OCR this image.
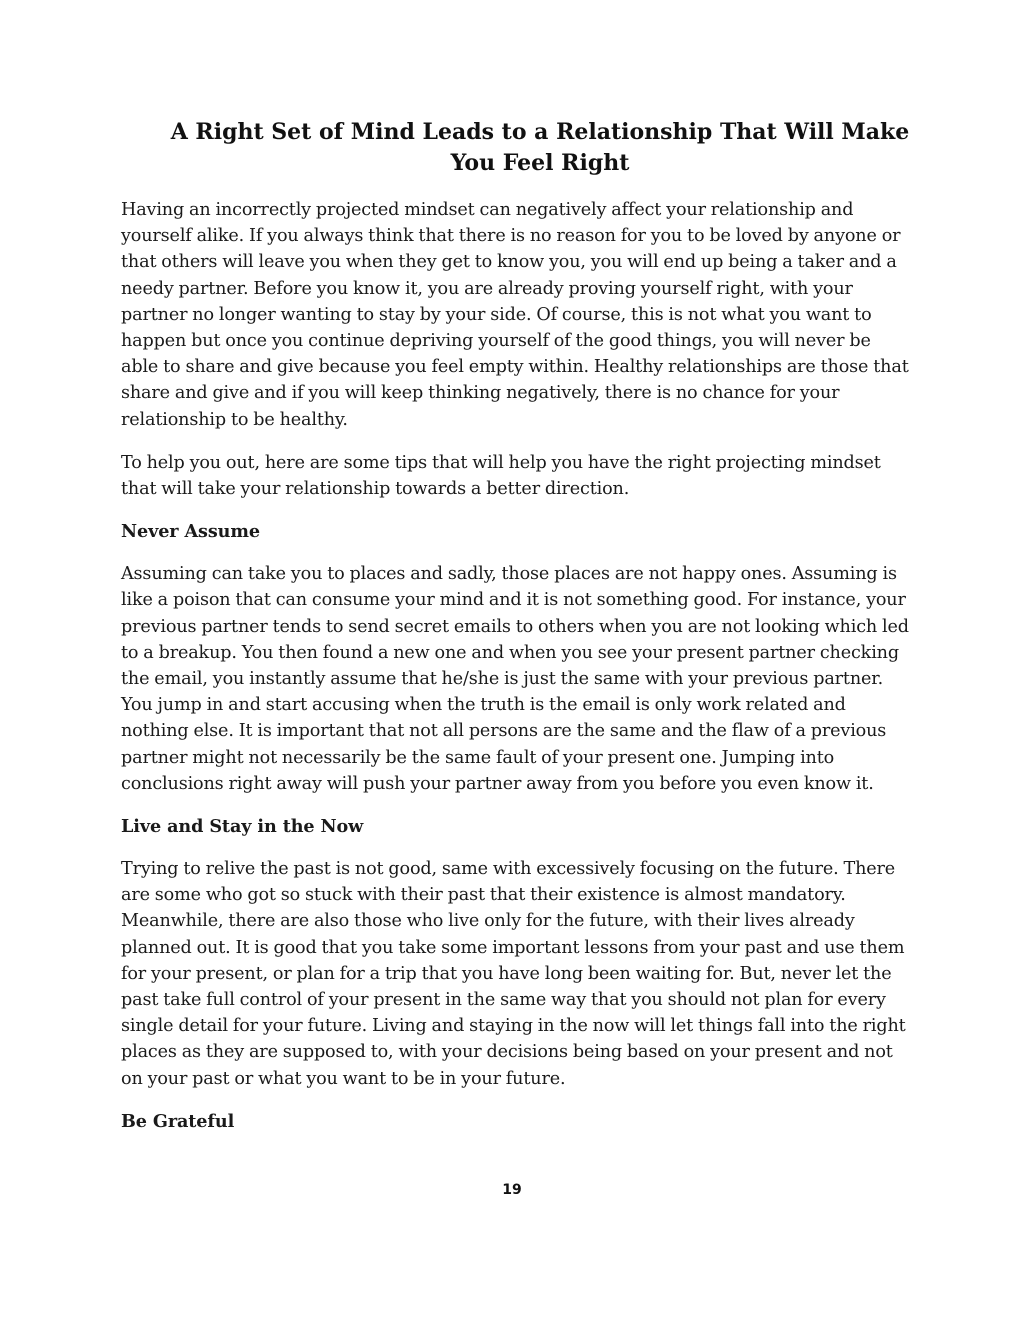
A Right Set of Mind Leads to a Relationship That Will Make You Feel Right

Having an incorrectly projected mindset can negatively affect your relationship and yourself alike. If you always think that there is no reason for you to be loved by anyone or that others will leave you when they get to know you, you will end up being a taker and a needy partner. Before you know it, you are already proving yourself right, with your partner no longer wanting to stay by your side. Of course, this is not what you want to happen but once you continue depriving yourself of the good things, you will never be able to share and give because you feel empty within. Healthy relationships are those that share and give and if you will keep thinking negatively, there is no chance for your relationship to be healthy.

To help you out, here are some tips that will help you have the right projecting mindset that will take your relationship towards a better direction.

Never Assume

Assuming can take you to places and sadly, those places are not happy ones. Assuming is like a poison that can consume your mind and it is not something good. For instance, your previous partner tends to send secret emails to others when you are not looking which led to a breakup. You then found a new one and when you see your present partner checking the email, you instantly assume that he/she is just the same with your previous partner. You jump in and start accusing when the truth is the email is only work related and nothing else. It is important that not all persons are the same and the flaw of a previous partner might not necessarily be the same fault of your present one. Jumping into conclusions right away will push your partner away from you before you even know it.

Live and Stay in the Now

Trying to relive the past is not good, same with excessively focusing on the future. There are some who got so stuck with their past that their existence is almost mandatory. Meanwhile, there are also those who live only for the future, with their lives already planned out. It is good that you take some important lessons from your past and use them for your present, or plan for a trip that you have long been waiting for. But, never let the past take full control of your present in the same way that you should not plan for every single detail for your future. Living and staying in the now will let things fall into the right places as they are supposed to, with your decisions being based on your present and not on your past or what you want to be in your future.

Be Grateful
19
